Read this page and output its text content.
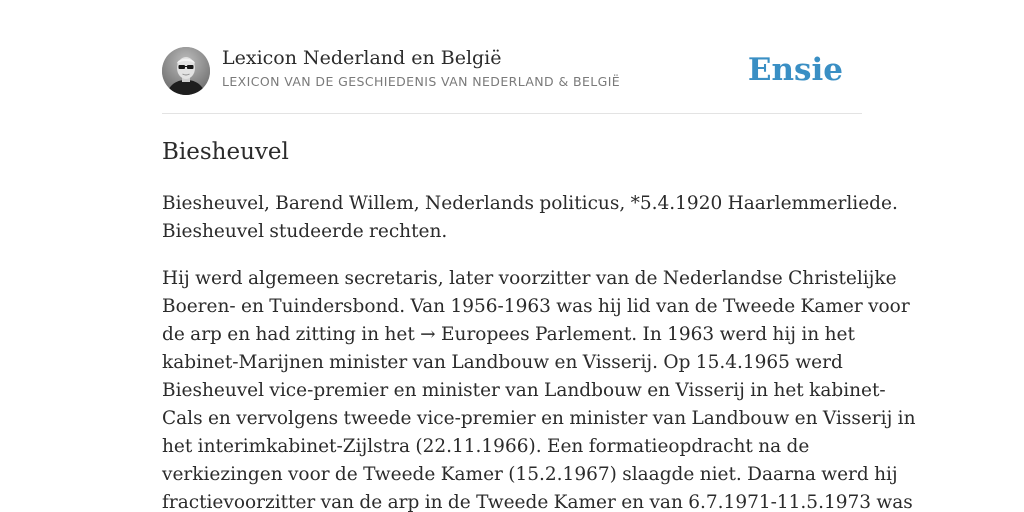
Lexicon Nederland en België
LEXICON VAN DE GESCHIEDENIS VAN NEDERLAND & BELGIË	Ensie
Biesheuvel

Biesheuvel, Barend Willem, Nederlands politicus, *5.4.1920 Haarlemmerliede.
Biesheuvel studeerde rechten.

Hij werd algemeen secretaris, later voorzitter van de Nederlandse Christelijke
Boeren- en Tuindersbond. Van 1956-1963 was hij lid van de Tweede Kamer voor
de arp en had zitting in het → Europees Parlement. In 1963 werd hij in het
kabinet-Marijnen minister van Landbouw en Visserij. Op 15.4.1965 werd
Biesheuvel vice-premier en minister van Landbouw en Visserij in het kabinet-
Cals en vervolgens tweede vice-premier en minister van Landbouw en Visserij in
het interimkabinet-Zijlstra (22.11.1966). Een formatieopdracht na de
verkiezingen voor de Tweede Kamer (15.2.1967) slaagde niet. Daarna werd hij
fractievoorzitter van de arp in de Tweede Kamer en van 6.7.1971-11.5.1973 was
